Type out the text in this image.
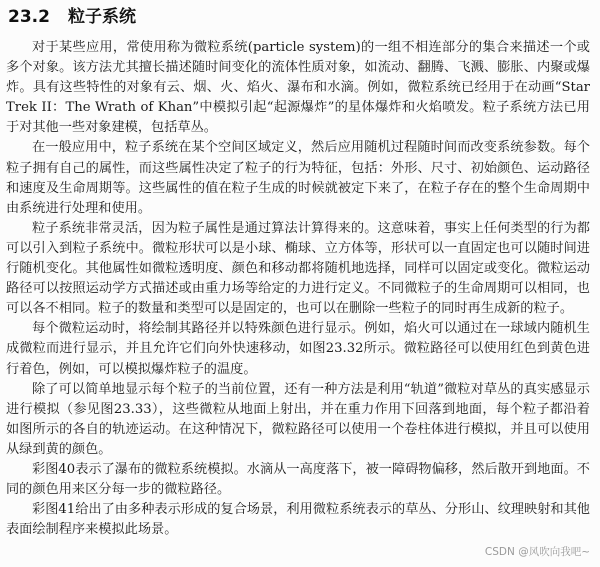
23.2 粒子系统

对于某些应用，常使用称为微粒系统(particle system)的一组不相连部分的集合来描述一个或多个对象。该方法尤其擅长描述随时间变化的流体性质对象，如流动、翻腾、飞溅、膨胀、内聚或爆炸。具有这些特性的对象有云、烟、火、焰火、瀑布和水滴。例如，微粒系统已经用于在动画“Star Trek II：The Wrath of Khan”中模拟引起“起源爆炸”的星体爆炸和火焰喷发。粒子系统方法已用于对其他一些对象建模，包括草丛。

在一般应用中，粒子系统在某个空间区域定义，然后应用随机过程随时间而改变系统参数。每个粒子拥有自己的属性，而这些属性决定了粒子的行为特征，包括：外形、尺寸、初始颜色、运动路径和速度及生命周期等。这些属性的值在粒子生成的时候就被定下来了，在粒子存在的整个生命周期中由系统进行处理和使用。

粒子系统非常灵活，因为粒子属性是通过算法计算得来的。这意味着，事实上任何类型的行为都可以引入到粒子系统中。微粒形状可以是小球、椭球、立方体等，形状可以一直固定也可以随时间进行随机变化。其他属性如微粒透明度、颜色和移动都将随机地选择，同样可以固定或变化。微粒运动路径可以按照运动学方式描述或由重力场等给定的力进行定义。不同微粒子的生命周期可以相同，也可以各不相同。粒子的数量和类型可以是固定的，也可以在删除一些粒子的同时再生成新的粒子。

每个微粒运动时，将绘制其路径并以特殊颜色进行显示。例如，焰火可以通过在一球域内随机生成微粒而进行显示，并且允许它们向外快速移动，如图23.32所示。微粒路径可以使用红色到黄色进行着色，例如，可以模拟爆炸粒子的温度。

除了可以简单地显示每个粒子的当前位置，还有一种方法是利用“轨道”微粒对草丛的真实感显示进行模拟（参见图23.33），这些微粒从地面上射出，并在重力作用下回落到地面，每个粒子都沿着如图所示的各自的轨迹运动。在这种情况下，微粒路径可以使用一个卷柱体进行模拟，并且可以使用从绿到黄的颜色。

彩图40表示了瀑布的微粒系统模拟。水滴从一高度落下，被一障碍物偏移，然后散开到地面。不同的颜色用来区分每一步的微粒路径。

彩图41给出了由多种表示形成的复合场景，利用微粒系统表示的草丛、分形山、纹理映射和其他表面绘制程序来模拟此场景。

CSDN @风吹向我吧~
